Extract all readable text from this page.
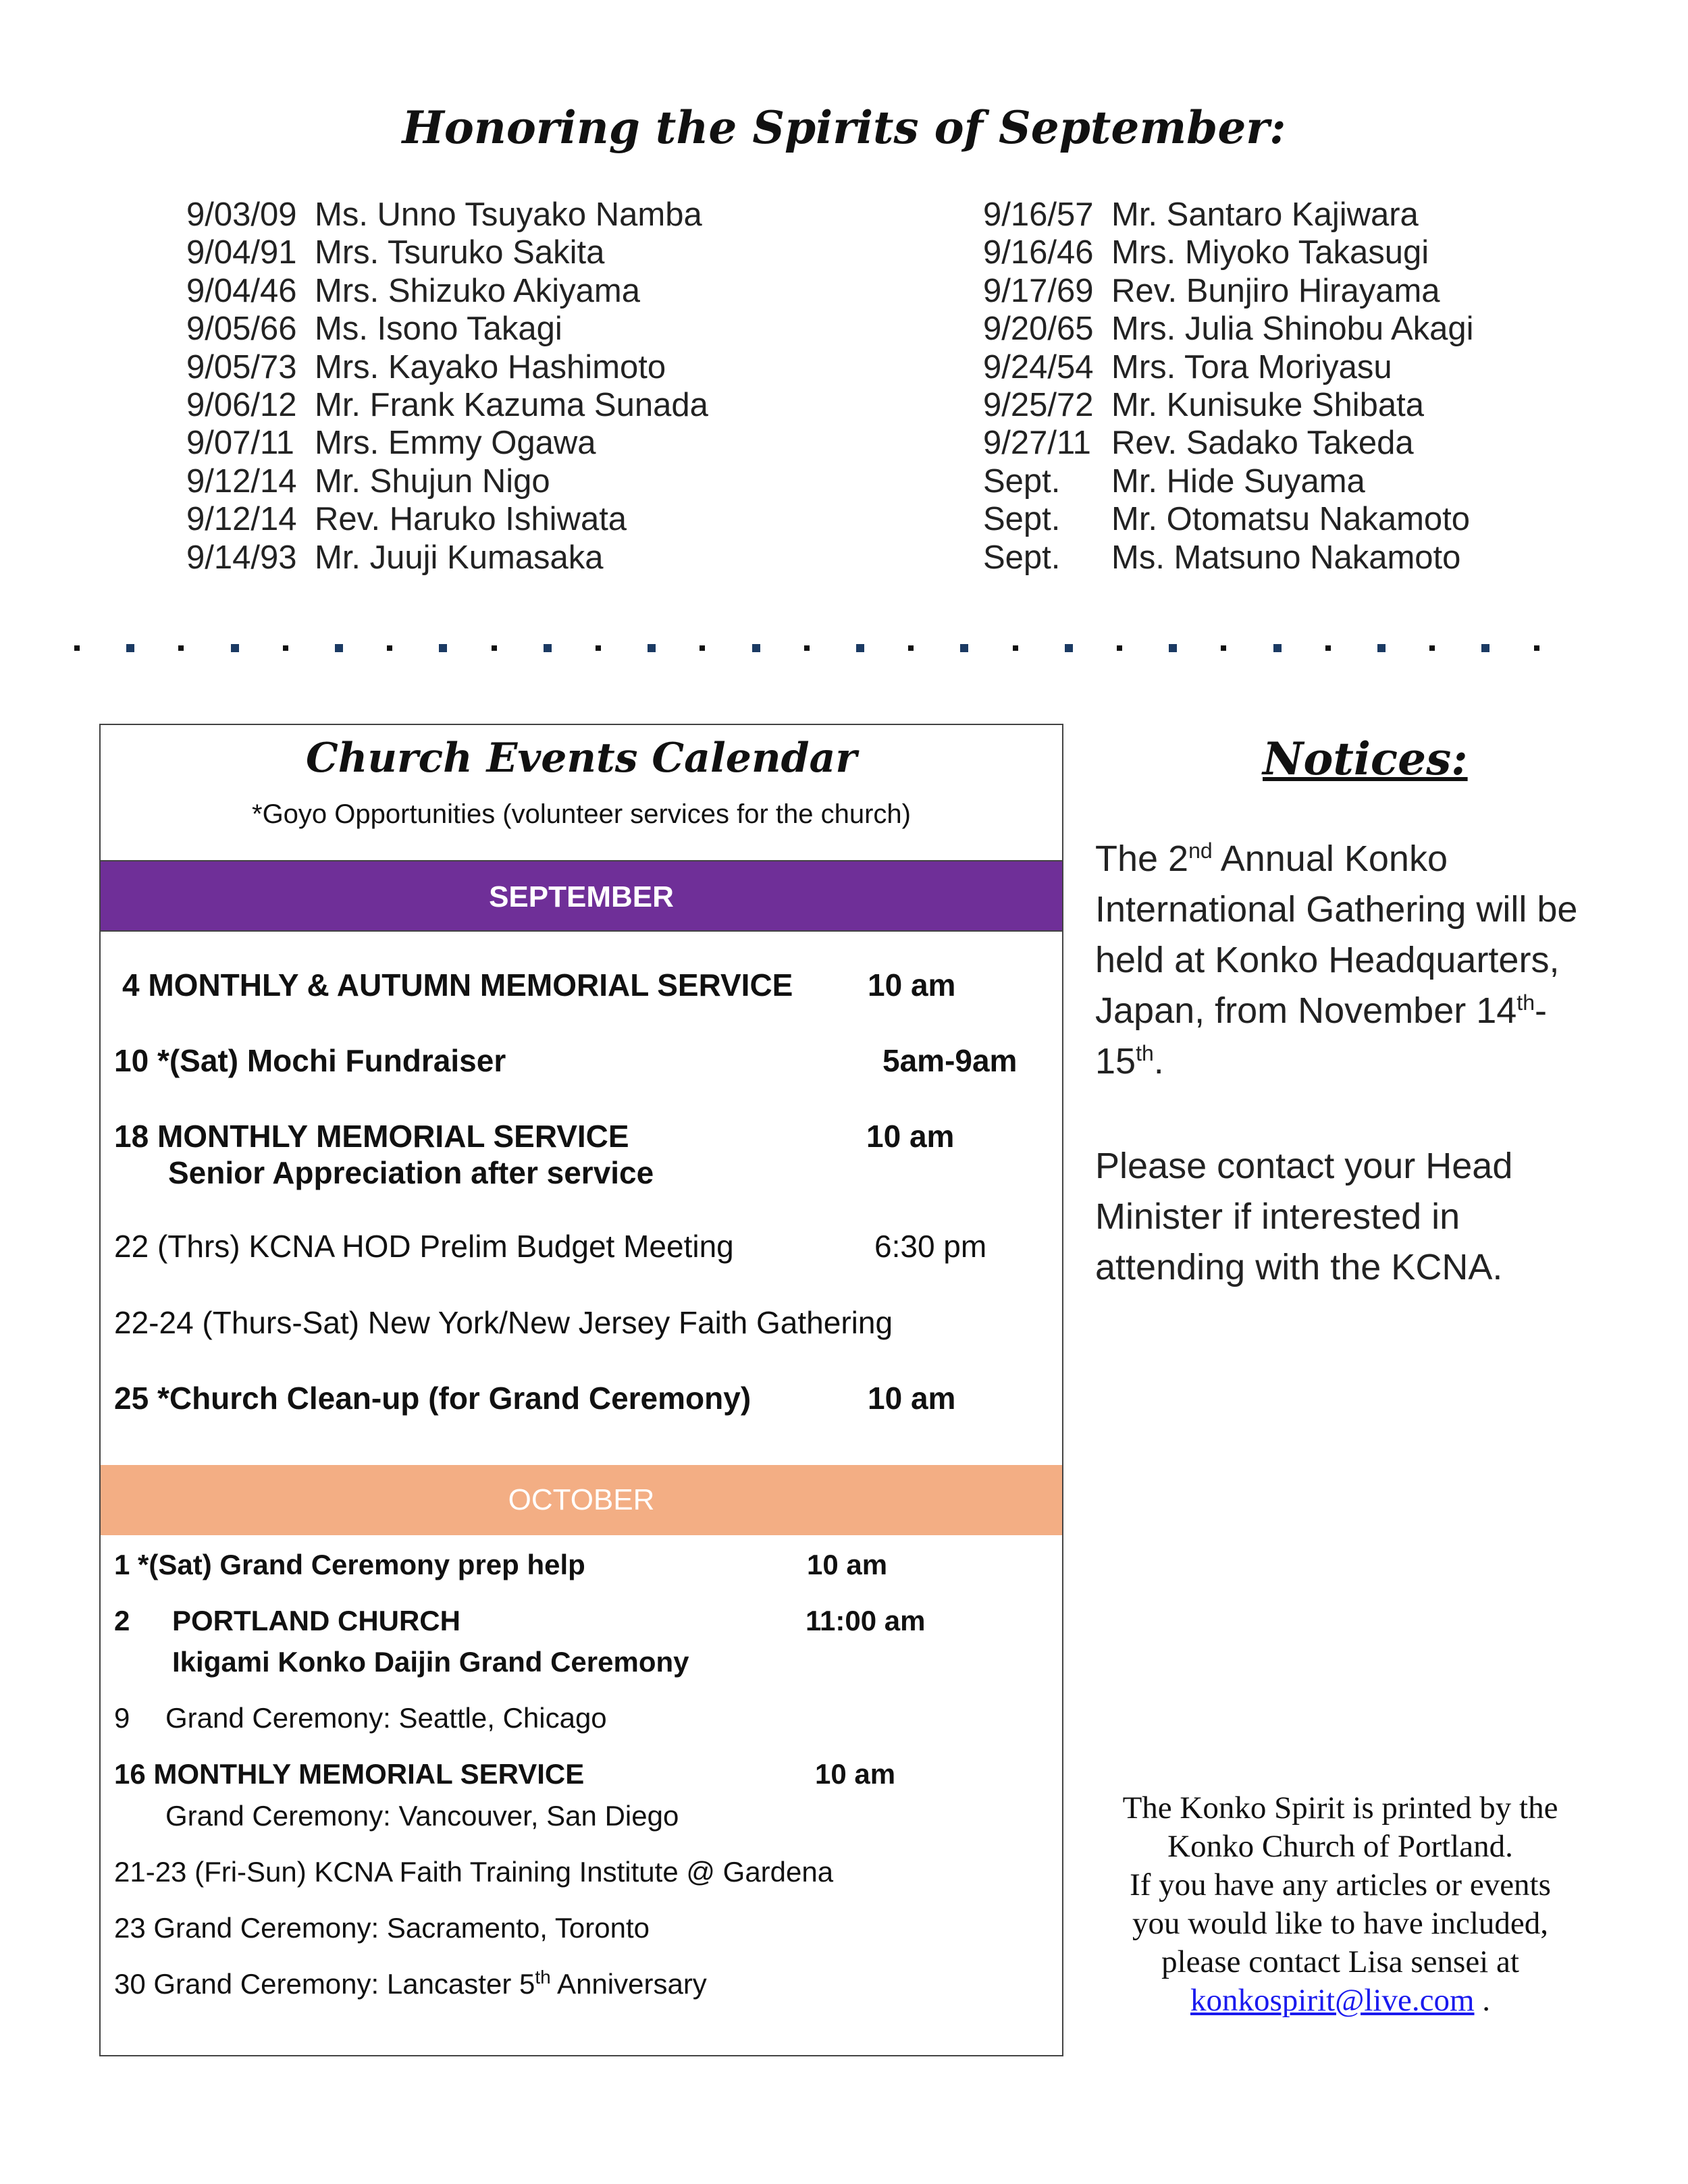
Honoring the Spirits of September:
9/03/09 Ms. Unno Tsuyako Namba
9/04/91 Mrs. Tsuruko Sakita
9/04/46 Mrs. Shizuko Akiyama
9/05/66 Ms. Isono Takagi
9/05/73 Mrs. Kayako Hashimoto
9/06/12 Mr. Frank Kazuma Sunada
9/07/11 Mrs. Emmy Ogawa
9/12/14 Mr. Shujun Nigo
9/12/14 Rev. Haruko Ishiwata
9/14/93 Mr. Juuji Kumasaka
9/16/57 Mr. Santaro Kajiwara
9/16/46 Mrs. Miyoko Takasugi
9/17/69 Rev. Bunjiro Hirayama
9/20/65 Mrs. Julia Shinobu Akagi
9/24/54 Mrs. Tora Moriyasu
9/25/72 Mr. Kunisuke Shibata
9/27/11 Rev. Sadako Takeda
Sept.	Mr. Hide Suyama
Sept.	Mr. Otomatsu Nakamoto
Sept.	Ms. Matsuno Nakamoto
Church Events Calendar
*Goyo Opportunities (volunteer services for the church)
SEPTEMBER
4 MONTHLY & AUTUMN MEMORIAL SERVICE 10 am
10 *(Sat) Mochi Fundraiser	5am-9am
18 MONTHLY MEMORIAL SERVICE	10 am
Senior Appreciation after service
22 (Thrs) KCNA HOD Prelim Budget Meeting	6:30 pm
22-24 (Thurs-Sat) New York/New Jersey Faith Gathering
25 *Church Clean-up (for Grand Ceremony)	10 am
OCTOBER
1 *(Sat) Grand Ceremony prep help	10 am
2 PORTLAND CHURCH	11:00 am
Ikigami Konko Daijin Grand Ceremony
9 Grand Ceremony: Seattle, Chicago
16 MONTHLY MEMORIAL SERVICE	10 am
Grand Ceremony: Vancouver, San Diego
21-23 (Fri-Sun) KCNA Faith Training Institute @ Gardena
23 Grand Ceremony: Sacramento, Toronto
30 Grand Ceremony: Lancaster 5th Anniversary
Notices:
The 2nd Annual Konko International Gathering will be held at Konko Headquarters, Japan, from November 14th-15th.
Please contact your Head Minister if interested in attending with the KCNA.
The Konko Spirit is printed by the
Konko Church of Portland.
If you have any articles or events
you would like to have included,
please contact Lisa sensei at
konkospirit@live.com .
